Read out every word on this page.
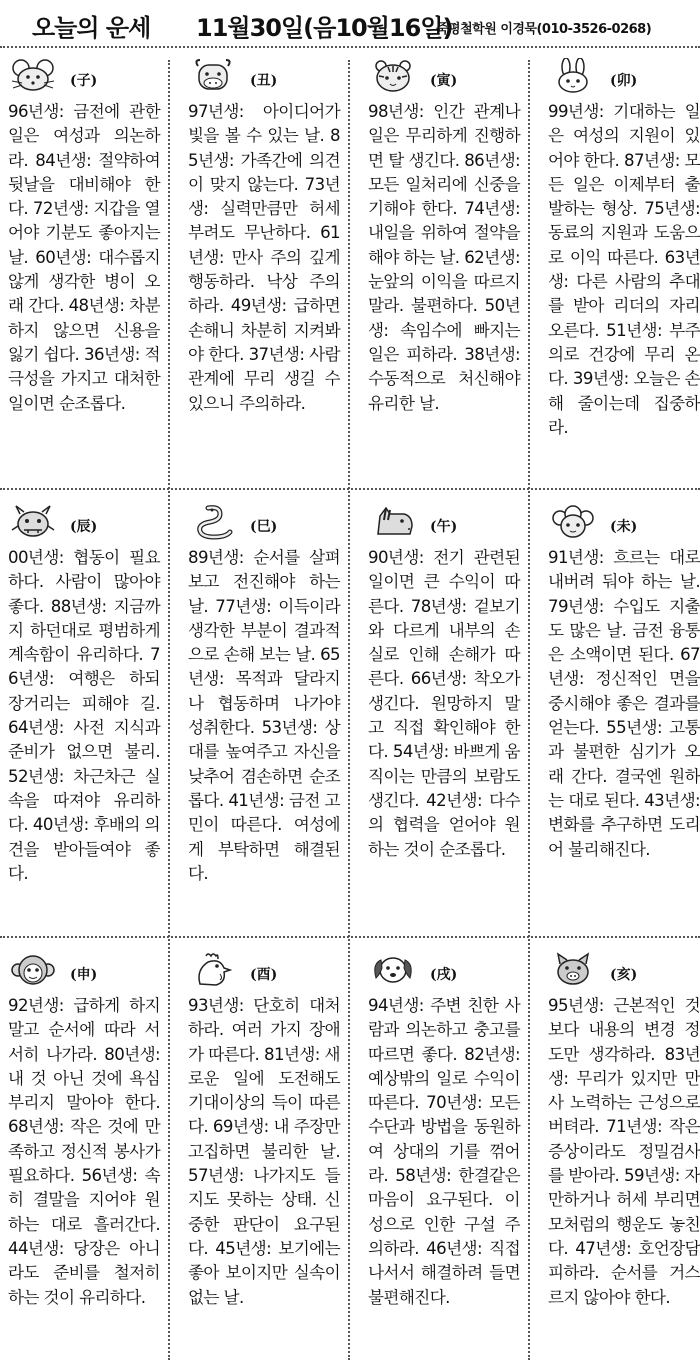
오늘의 운세 11월30일(음10월16일)
죽평철학원 이경묵(010-3526-0268)
(子)
96년생: 금전에 관한 일은 여성과 의논하라. 84년생: 절약하여 뒷날을 대비해야 한다. 72년생: 지갑을 열어야 기분도 좋아지는 날. 60년생: 대수롭지 않게 생각한 병이 오래 간다. 48년생: 차분하지 않으면 신용을 잃기 쉽다. 36년생: 적극성을 가지고 대처한 일이면 순조롭다.
(丑)
97년생: 아이디어가 빛을 볼 수 있는 날. 85년생: 가족간에 의견이 맞지 않는다. 73년생: 실력만큼만 허세 부려도 무난하다. 61년생: 만사 주의 깊게 행동하라. 낙상 주의하라. 49년생: 급하면 손해니 차분히 지켜봐야 한다. 37년생: 사람 관계에 무리 생길 수 있으니 주의하라.
(寅)
98년생: 인간 관계나 일은 무리하게 진행하면 탈 생긴다. 86년생: 모든 일처리에 신중을 기해야 한다. 74년생: 내일을 위하여 절약을 해야 하는 날. 62년생: 눈앞의 이익을 따르지 말라. 불편하다. 50년생: 속임수에 빠지는 일은 피하라. 38년생: 수동적으로 처신해야 유리한 날.
(卯)
99년생: 기대하는 일은 여성의 지원이 있어야 한다. 87년생: 모든 일은 이제부터 출발하는 형상. 75년생: 동료의 지원과 도움으로 이익 따른다. 63년생: 다른 사람의 추대를 받아 리더의 자리 오른다. 51년생: 부주의로 건강에 무리 온다. 39년생: 오늘은 손해 줄이는데 집중하라.
(辰)
00년생: 협동이 필요하다. 사람이 많아야 좋다. 88년생: 지금까지 하던대로 평범하게 계속함이 유리하다. 76년생: 여행은 하되 장거리는 피해야 길. 64년생: 사전 지식과 준비가 없으면 불리. 52년생: 차근차근 실속을 따져야 유리하다. 40년생: 후배의 의견을 받아들여야 좋다.
(巳)
89년생: 순서를 살펴보고 전진해야 하는 날. 77년생: 이득이라 생각한 부분이 결과적으로 손해 보는 날. 65년생: 목적과 달라지나 협동하며 나가야 성취한다. 53년생: 상대를 높여주고 자신을 낮추어 겸손하면 순조롭다. 41년생: 금전 고민이 따른다. 여성에게 부탁하면 해결된다.
(午)
90년생: 전기 관련된 일이면 큰 수익이 따른다. 78년생: 겉보기와 다르게 내부의 손실로 인해 손해가 따른다. 66년생: 착오가 생긴다. 원망하지 말고 직접 확인해야 한다. 54년생: 바쁘게 움직이는 만큼의 보람도 생긴다. 42년생: 다수의 협력을 얻어야 원하는 것이 순조롭다.
(未)
91년생: 흐르는 대로 내버려 둬야 하는 날. 79년생: 수입도 지출도 많은 날. 금전 융통은 소액이면 된다. 67년생: 정신적인 면을 중시해야 좋은 결과를 얻는다. 55년생: 고통과 불편한 심기가 오래 간다. 결국엔 원하는 대로 된다. 43년생: 변화를 추구하면 도리어 불리해진다.
(申)
92년생: 급하게 하지 말고 순서에 따라 서서히 나가라. 80년생: 내 것 아닌 것에 욕심 부리지 말아야 한다. 68년생: 작은 것에 만족하고 정신적 봉사가 필요하다. 56년생: 속히 결말을 지어야 원하는 대로 흘러간다. 44년생: 당장은 아니라도 준비를 철저히 하는 것이 유리하다.
(酉)
93년생: 단호히 대처하라. 여러 가지 장애가 따른다. 81년생: 새로운 일에 도전해도 기대이상의 득이 따른다. 69년생: 내 주장만 고집하면 불리한 날. 57년생: 나가지도 들지도 못하는 상태. 신중한 판단이 요구된다. 45년생: 보기에는 좋아 보이지만 실속이 없는 날.
(戌)
94년생: 주변 친한 사람과 의논하고 충고를 따르면 좋다. 82년생: 예상밖의 일로 수익이 따른다. 70년생: 모든 수단과 방법을 동원하여 상대의 기를 꺾어라. 58년생: 한결같은 마음이 요구된다. 이성으로 인한 구설 주의하라. 46년생: 직접 나서서 해결하려 들면 불편해진다.
(亥)
95년생: 근본적인 것보다 내용의 변경 정도만 생각하라. 83년생: 무리가 있지만 만사 노력하는 근성으로 버텨라. 71년생: 작은 증상이라도 정밀검사를 받아라. 59년생: 자만하거나 허세 부리면 모처럼의 행운도 놓친다. 47년생: 호언장담 피하라. 순서를 거스르지 않아야 한다.
